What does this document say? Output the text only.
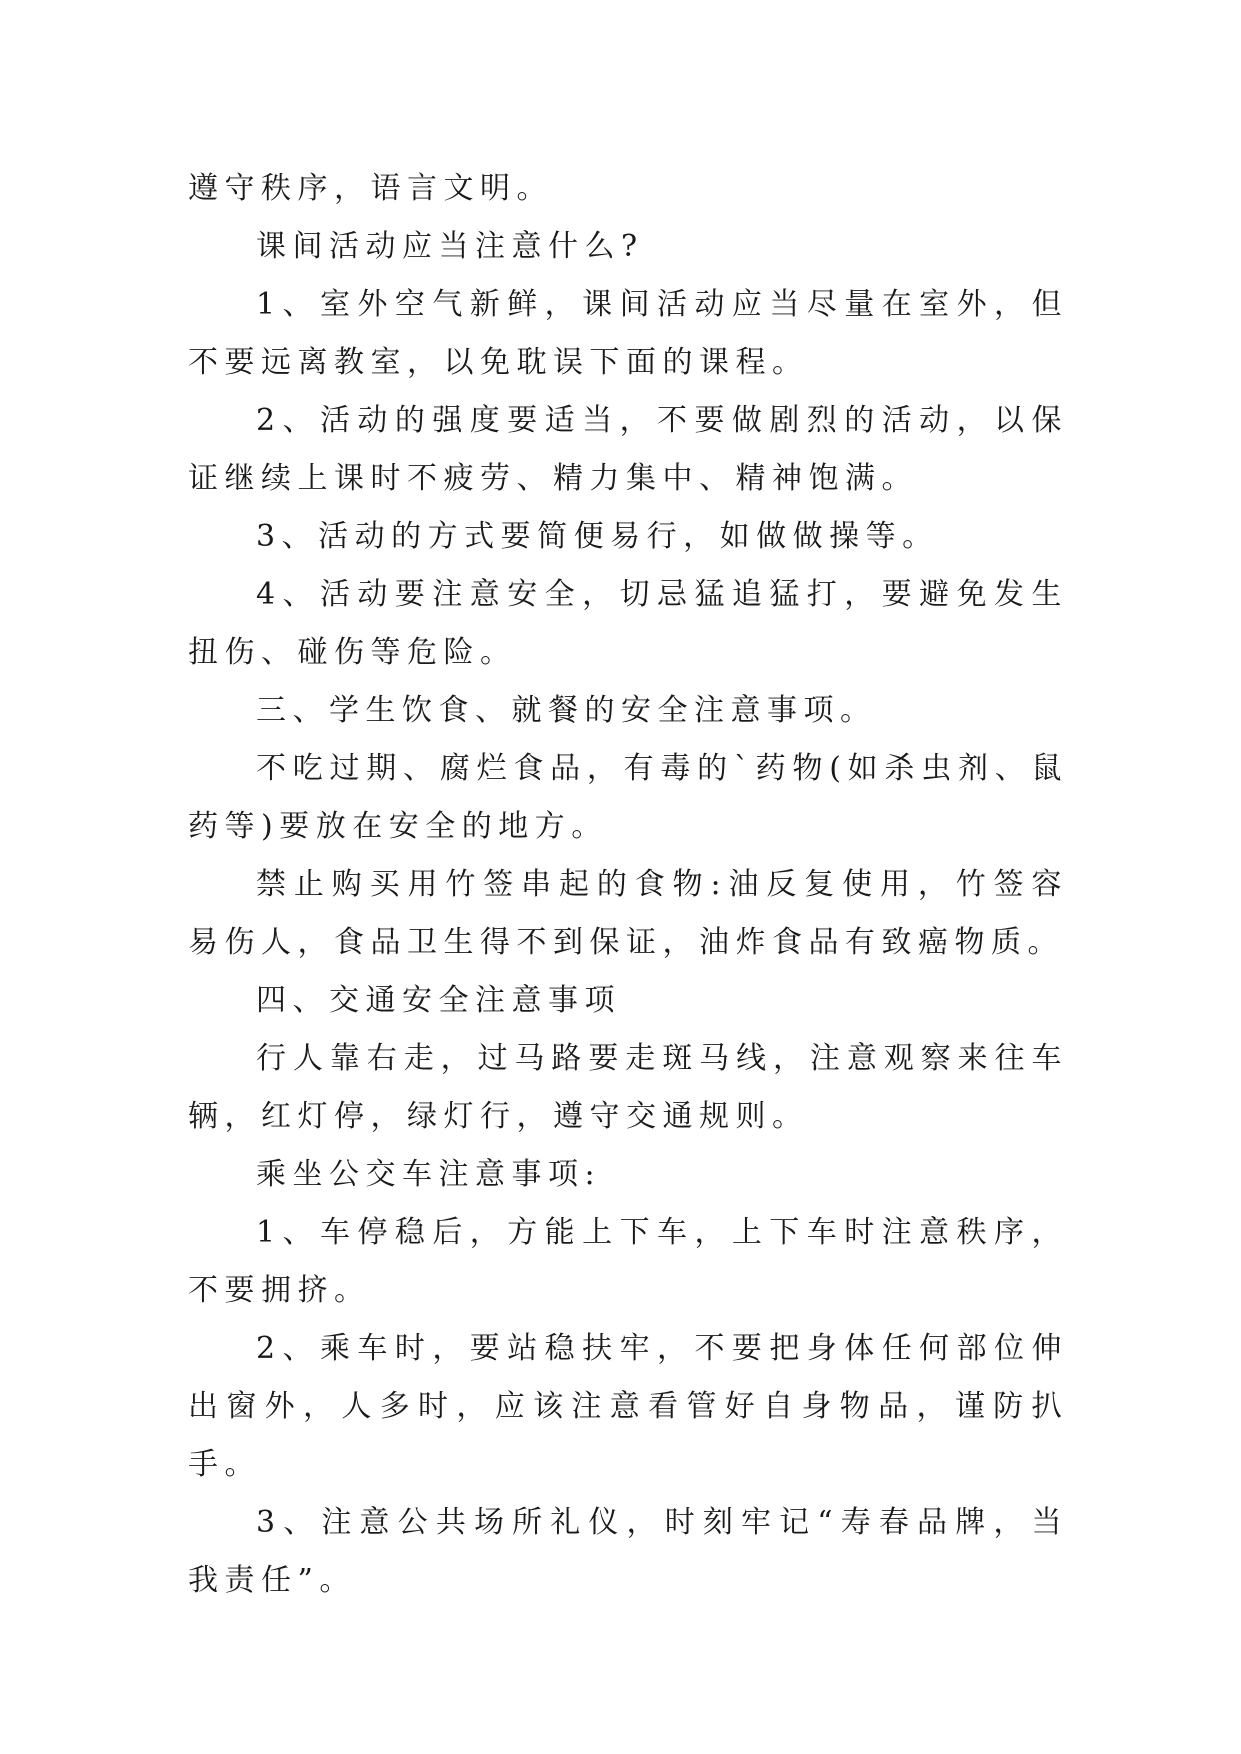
遵守秩序，语言文明。

课间活动应当注意什么?

1、室外空气新鲜，课间活动应当尽量在室外，但不要远离教室，以免耽误下面的课程。

2、活动的强度要适当，不要做剧烈的活动，以保证继续上课时不疲劳、精力集中、精神饱满。

3、活动的方式要简便易行，如做做操等。

4、活动要注意安全，切忌猛追猛打，要避免发生扭伤、碰伤等危险。

三、学生饮食、就餐的安全注意事项。

不吃过期、腐烂食品，有毒的`药物(如杀虫剂、鼠药等)要放在安全的地方。

禁止购买用竹签串起的食物:油反复使用，竹签容易伤人，食品卫生得不到保证，油炸食品有致癌物质。

四、交通安全注意事项

行人靠右走，过马路要走斑马线，注意观察来往车辆，红灯停，绿灯行，遵守交通规则。

乘坐公交车注意事项:

1、车停稳后，方能上下车，上下车时注意秩序，不要拥挤。

2、乘车时，要站稳扶牢，不要把身体任何部位伸出窗外，人多时，应该注意看管好自身物品，谨防扒手。

3、注意公共场所礼仪，时刻牢记“寿春品牌，当我责任”。
